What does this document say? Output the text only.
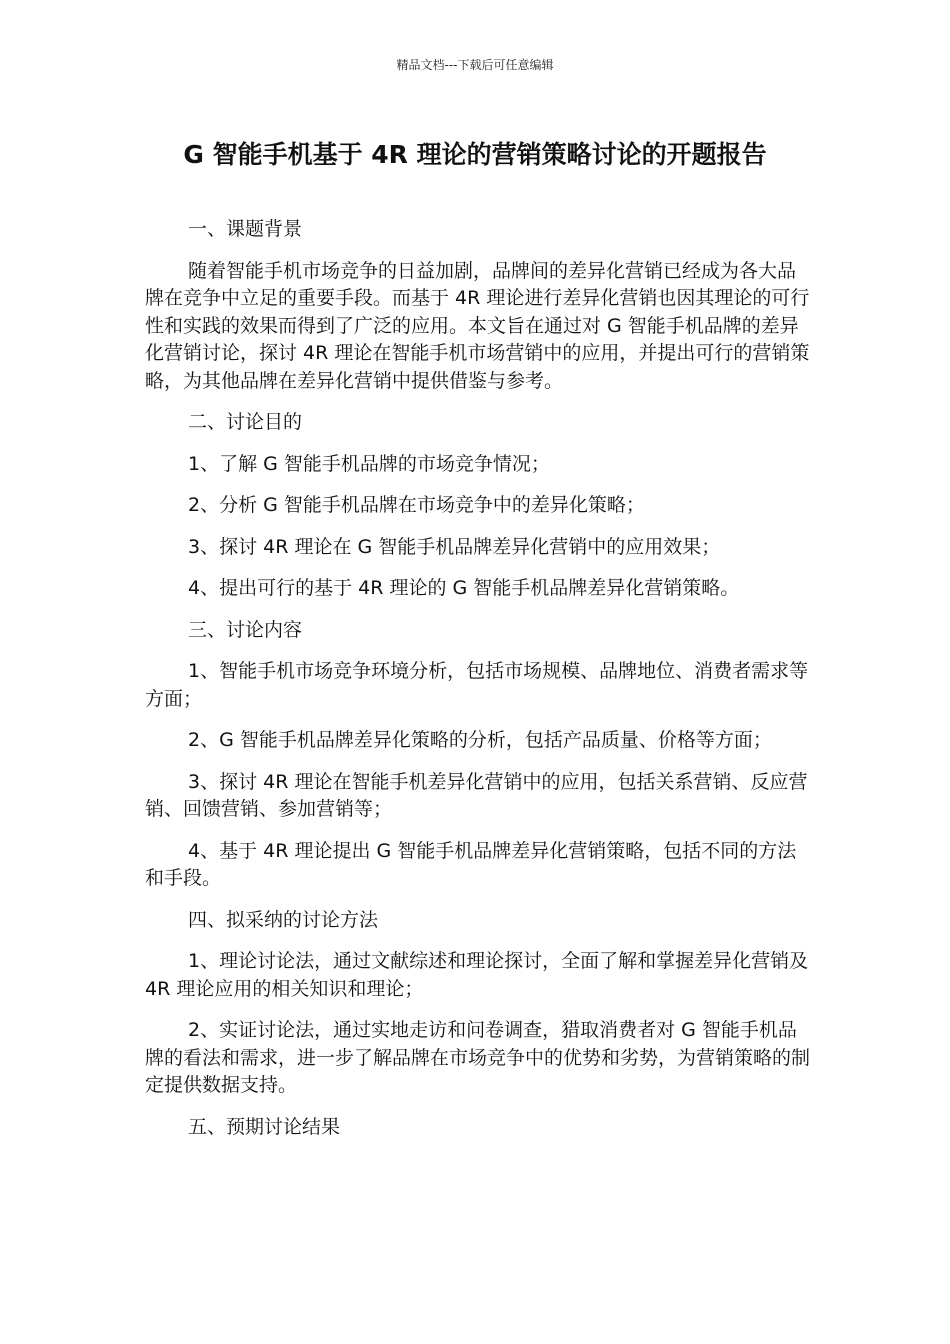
精品文档---下载后可任意编辑
G 智能手机基于 4R 理论的营销策略讨论的开题报告

一、课题背景

随着智能手机市场竞争的日益加剧，品牌间的差异化营销已经成为各大品牌在竞争中立足的重要手段。而基于 4R 理论进行差异化营销也因其理论的可行性和实践的效果而得到了广泛的应用。本文旨在通过对 G 智能手机品牌的差异化营销讨论，探讨 4R 理论在智能手机市场营销中的应用，并提出可行的营销策略，为其他品牌在差异化营销中提供借鉴与参考。

二、讨论目的

1、了解 G 智能手机品牌的市场竞争情况；

2、分析 G 智能手机品牌在市场竞争中的差异化策略；

3、探讨 4R 理论在 G 智能手机品牌差异化营销中的应用效果；

4、提出可行的基于 4R 理论的 G 智能手机品牌差异化营销策略。

三、讨论内容

1、智能手机市场竞争环境分析，包括市场规模、品牌地位、消费者需求等方面；

2、G 智能手机品牌差异化策略的分析，包括产品质量、价格等方面；

3、探讨 4R 理论在智能手机差异化营销中的应用，包括关系营销、反应营销、回馈营销、参加营销等；

4、基于 4R 理论提出 G 智能手机品牌差异化营销策略，包括不同的方法和手段。

四、拟采纳的讨论方法

1、理论讨论法，通过文献综述和理论探讨，全面了解和掌握差异化营销及 4R 理论应用的相关知识和理论；

2、实证讨论法，通过实地走访和问卷调查，猎取消费者对 G 智能手机品牌的看法和需求，进一步了解品牌在市场竞争中的优势和劣势，为营销策略的制定提供数据支持。

五、预期讨论结果
